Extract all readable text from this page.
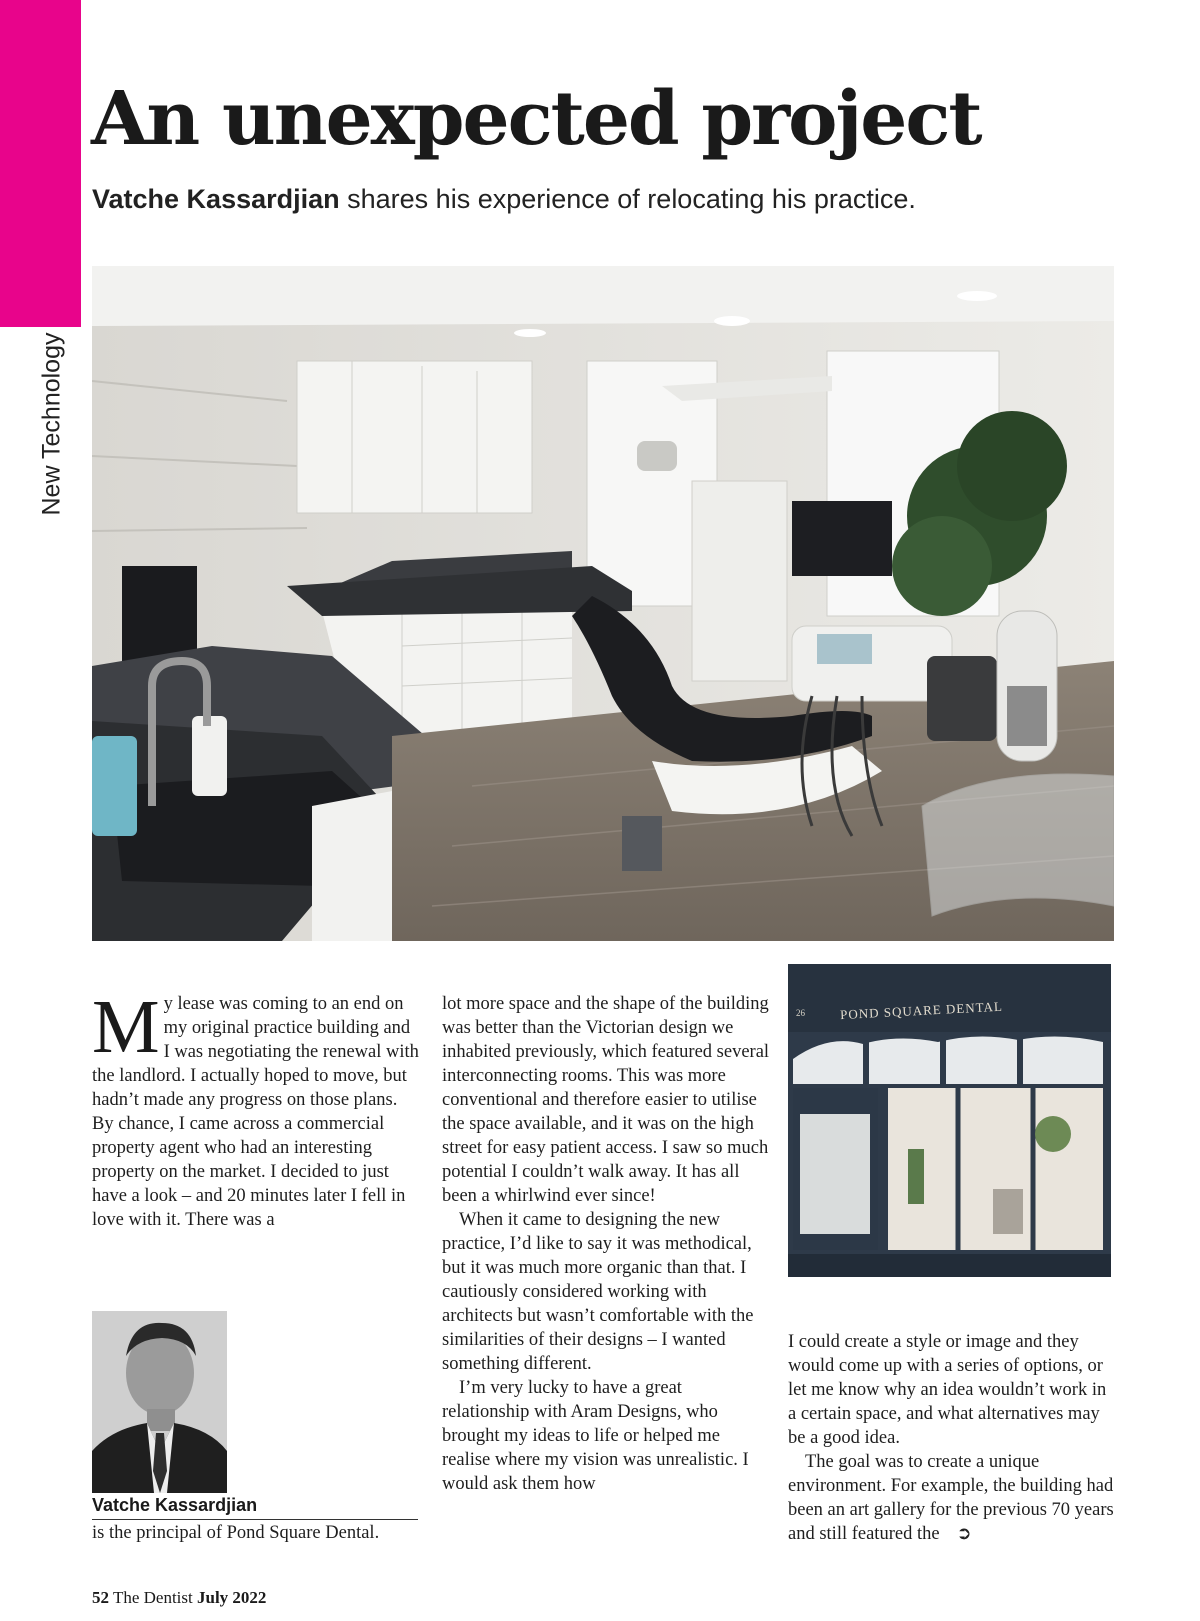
New Technology
An unexpected project

Vatche Kassardjian shares his experience of relocating his practice.

26	POND SQUARE DENTAL

My lease was coming to an end on my original practice building and I was negotiating the renewal with the landlord. I actually hoped to move, but hadn’t made any progress on those plans. By chance, I came across a commercial property agent who had an interesting property on the market. I decided to just have a look – and 20 minutes later I fell in love with it. There was a

lot more space and the shape of the building was better than the Victorian design we inhabited previously, which featured several interconnecting rooms. This was more conventional and therefore easier to utilise the space available, and it was on the high street for easy patient access. I saw so much potential I couldn’t walk away. It has all been a whirlwind ever since!

When it came to designing the new practice, I’d like to say it was methodical, but it was much more organic than that. I cautiously considered working with architects but wasn’t comfortable with the similarities of their designs – I wanted something different.

I’m very lucky to have a great relationship with Aram Designs, who brought my ideas to life or helped me realise where my vision was unrealistic. I would ask them how

I could create a style or image and they would come up with a series of options, or let me know why an idea wouldn’t work in a certain space, and what alternatives may be a good idea.

The goal was to create a unique environment. For example, the building had been an art gallery for the previous 70 years and still featured the ➲

Vatche Kassardjian
is the principal of Pond Square Dental.
52 The Dentist July 2022
